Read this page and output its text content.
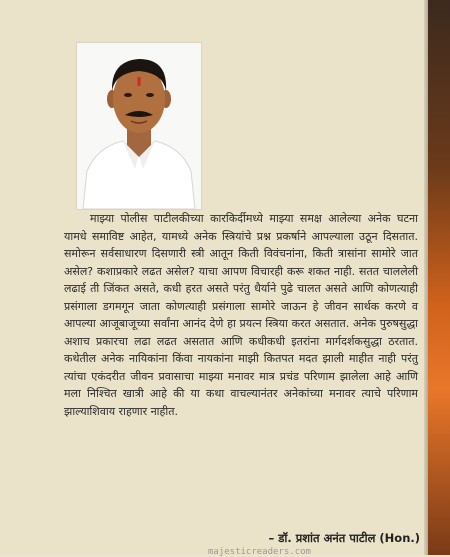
माझ्या पोलीस पाटीलकीच्या कारकिर्दीमध्ये माझ्या समक्ष आलेल्या अनेक घटना यामधे समाविष्ट आहेत, यामध्ये अनेक स्त्रियांचे प्रश्न प्रकर्षाने आपल्याला उठून दिसतात. समोरून सर्वसाधारण दिसणारी स्त्री आतून किती विवंचनांना, किती त्रासांना सामोरे जात असेल? कशाप्रकारे लढत असेल? याचा आपण विचारही करू शकत नाही. सतत चाललेली लढाई ती जिंकत असते, कधी हरत असते परंतु धैर्याने पुढे चालत असते आणि कोणत्याही प्रसंगाला डगमगून जाता कोणत्याही प्रसंगाला सामोरे जाऊन हे जीवन सार्थक करणे व आपल्या आजूबाजूच्या सर्वांना आनंद देणे हा प्रयत्न स्त्रिया करत असतात. अनेक पुरुषसुद्धा अशाच प्रकारचा लढा लढत असतात आणि कधीकधी इतरांना मार्गदर्शकसुद्धा ठरतात. कथेतील अनेक नायिकांना किंवा नायकांना माझी कितपत मदत झाली माहीत नाही परंतु त्यांचा एकंदरीत जीवन प्रवासाचा माझ्या मनावर मात्र प्रचंड परिणाम झालेला आहे आणि मला निश्चित खात्री आहे की या कथा वाचल्यानंतर अनेकांच्या मनावर त्याचे परिणाम झाल्याशिवाय राहणार नाहीत.

– डॉ. प्रशांत अनंत पाटील (Hon.)
majesticreaders.com
